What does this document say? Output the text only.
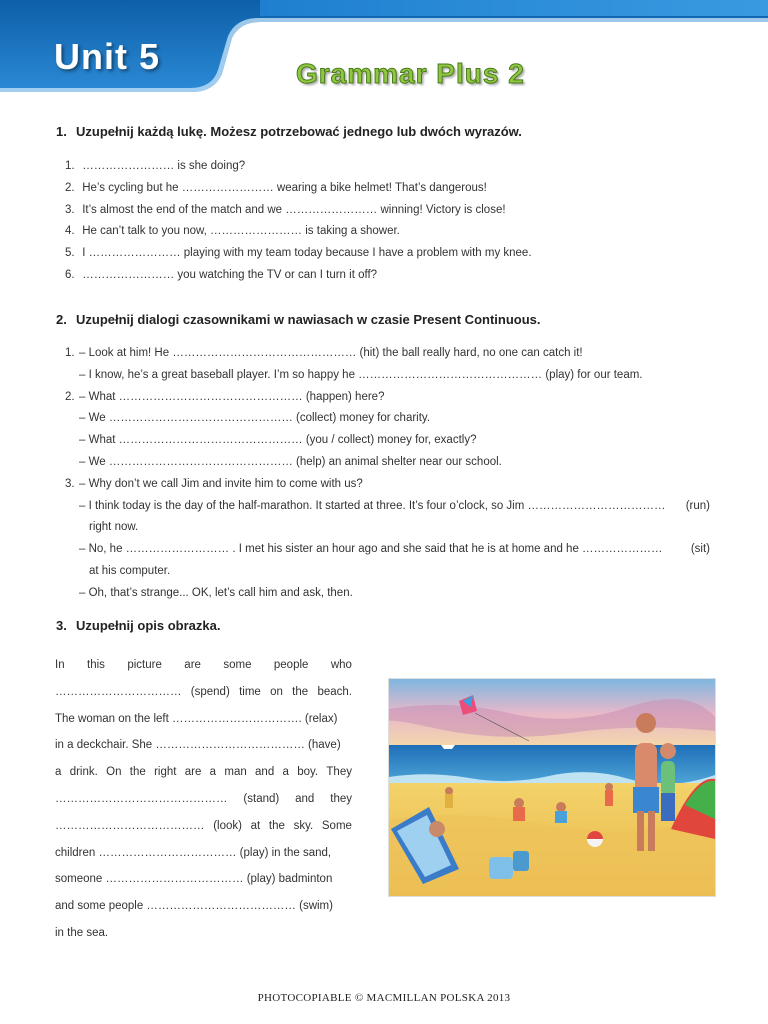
Unit 5	Grammar Plus 2
1. Uzupełnij każdą lukę. Możesz potrzebować jednego lub dwóch wyrazów.
1. …………………… is she doing?
2. He’s cycling but he …………………… wearing a bike helmet! That’s dangerous!
3. It’s almost the end of the match and we …………………… winning! Victory is close!
4. He can’t talk to you now, …………………… is taking a shower.
5. I …………………… playing with my team today because I have a problem with my knee.
6. …………………… you watching the TV or can I turn it off?
2. Uzupełnij dialogi czasownikami w nawiasach w czasie Present Continuous.
1. – Look at him! He ………………………………………… (hit) the ball really hard, no one can catch it!
– I know, he’s a great baseball player. I’m so happy he ………………………………………… (play) for our team.
2. – What ………………………………………… (happen) here?
– We ………………………………………… (collect) money for charity.
– What ………………………………………… (you / collect) money for, exactly?
– We ………………………………………… (help) an animal shelter near our school.
3. – Why don’t we call Jim and invite him to come with us?
– I think today is the day of the half-marathon. It started at three. It’s four o’clock, so Jim ……………………………… (run)
right now.
– No, he ……………………… . I met his sister an hour ago and she said that he is at home and he ………………… (sit)
at his computer.
– Oh, that’s strange... OK, let’s call him and ask, then.
3. Uzupełnij opis obrazka.
In this picture are some people who
…………………………… (spend) time on the beach.
The woman on the left ……………………………. (relax)
in a deckchair. She ………………………………… (have)
a drink. On the right are a man and a boy. They
……………………………………… (stand) and they
………………………………… (look) at the sky. Some
children ……………………………… (play) in the sand,
someone ……………………………… (play) badminton
and some people ………………………………… (swim)
in the sea.
PHOTOCOPIABLE © MACMILLAN POLSKA 2013
